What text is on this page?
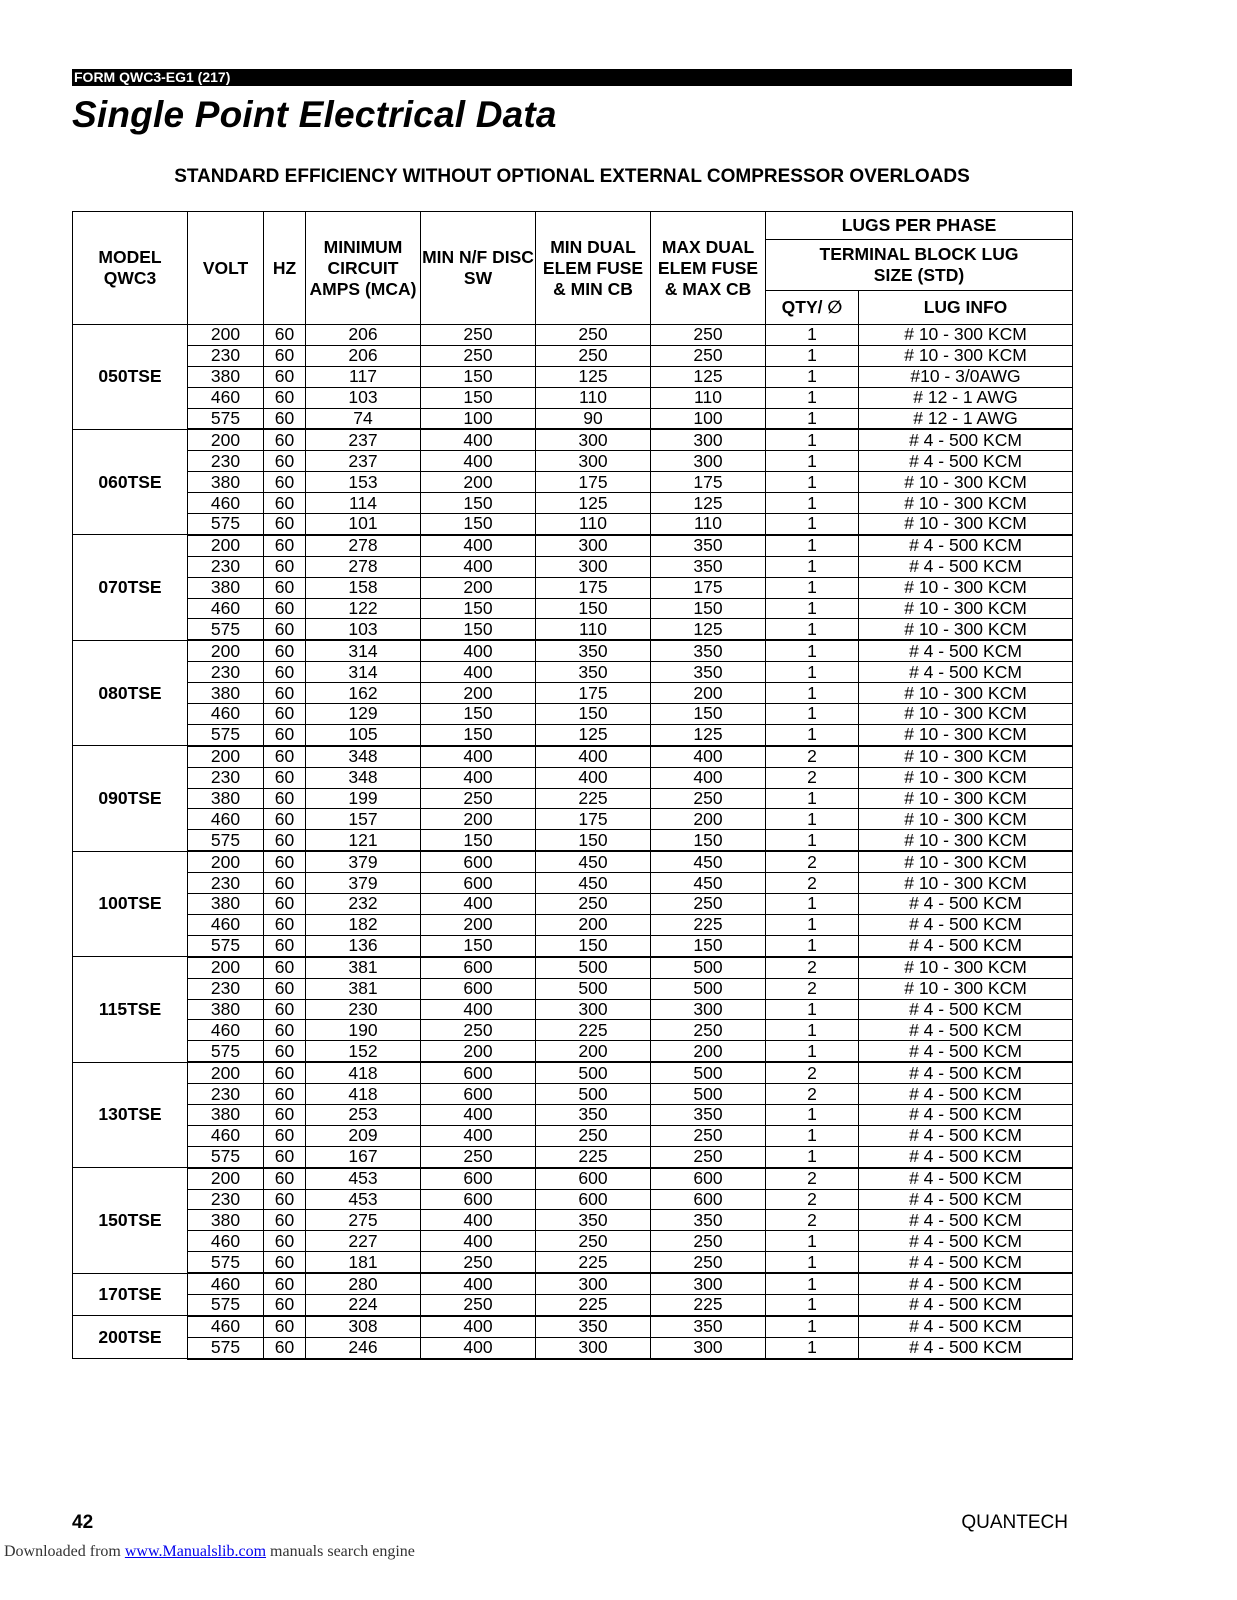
FORM QWC3-EG1 (217)
Single Point Electrical Data
STANDARD EFFICIENCY WITHOUT OPTIONAL EXTERNAL COMPRESSOR OVERLOADS
MODEL QWC3	VOLT	HZ	MINIMUM CIRCUIT AMPS (MCA)	MIN N/F DISC SW	MIN DUAL ELEM FUSE & MIN CB	MAX DUAL ELEM FUSE & MAX CB	LUGS PER PHASE	
							TERMINAL BLOCK LUG SIZE (STD)	
							QTY/ ∅	LUG INFO
050TSE	200	60	206	250	250	250	1	# 10 - 300 KCM
	230	60	206	250	250	250	1	# 10 - 300 KCM
	380	60	117	150	125	125	1	#10 - 3/0AWG
	460	60	103	150	110	110	1	# 12 - 1 AWG
	575	60	74	100	90	100	1	# 12 - 1 AWG
060TSE	200	60	237	400	300	300	1	# 4 - 500 KCM
	230	60	237	400	300	300	1	# 4 - 500 KCM
	380	60	153	200	175	175	1	# 10 - 300 KCM
	460	60	114	150	125	125	1	# 10 - 300 KCM
	575	60	101	150	110	110	1	# 10 - 300 KCM
070TSE	200	60	278	400	300	350	1	# 4 - 500 KCM
	230	60	278	400	300	350	1	# 4 - 500 KCM
	380	60	158	200	175	175	1	# 10 - 300 KCM
	460	60	122	150	150	150	1	# 10 - 300 KCM
	575	60	103	150	110	125	1	# 10 - 300 KCM
080TSE	200	60	314	400	350	350	1	# 4 - 500 KCM
	230	60	314	400	350	350	1	# 4 - 500 KCM
	380	60	162	200	175	200	1	# 10 - 300 KCM
	460	60	129	150	150	150	1	# 10 - 300 KCM
	575	60	105	150	125	125	1	# 10 - 300 KCM
090TSE	200	60	348	400	400	400	2	# 10 - 300 KCM
	230	60	348	400	400	400	2	# 10 - 300 KCM
	380	60	199	250	225	250	1	# 10 - 300 KCM
	460	60	157	200	175	200	1	# 10 - 300 KCM
	575	60	121	150	150	150	1	# 10 - 300 KCM
100TSE	200	60	379	600	450	450	2	# 10 - 300 KCM
	230	60	379	600	450	450	2	# 10 - 300 KCM
	380	60	232	400	250	250	1	# 4 - 500 KCM
	460	60	182	200	200	225	1	# 4 - 500 KCM
	575	60	136	150	150	150	1	# 4 - 500 KCM
115TSE	200	60	381	600	500	500	2	# 10 - 300 KCM
	230	60	381	600	500	500	2	# 10 - 300 KCM
	380	60	230	400	300	300	1	# 4 - 500 KCM
	460	60	190	250	225	250	1	# 4 - 500 KCM
	575	60	152	200	200	200	1	# 4 - 500 KCM
130TSE	200	60	418	600	500	500	2	# 4 - 500 KCM
	230	60	418	600	500	500	2	# 4 - 500 KCM
	380	60	253	400	350	350	1	# 4 - 500 KCM
	460	60	209	400	250	250	1	# 4 - 500 KCM
	575	60	167	250	225	250	1	# 4 - 500 KCM
150TSE	200	60	453	600	600	600	2	# 4 - 500 KCM
	230	60	453	600	600	600	2	# 4 - 500 KCM
	380	60	275	400	350	350	2	# 4 - 500 KCM
	460	60	227	400	250	250	1	# 4 - 500 KCM
	575	60	181	250	225	250	1	# 4 - 500 KCM
170TSE	460	60	280	400	300	300	1	# 4 - 500 KCM
	575	60	224	250	225	225	1	# 4 - 500 KCM
200TSE	460	60	308	400	350	350	1	# 4 - 500 KCM
	575	60	246	400	300	300	1	# 4 - 500 KCM
42	QUANTECH
Downloaded from www.Manualslib.com manuals search engine
